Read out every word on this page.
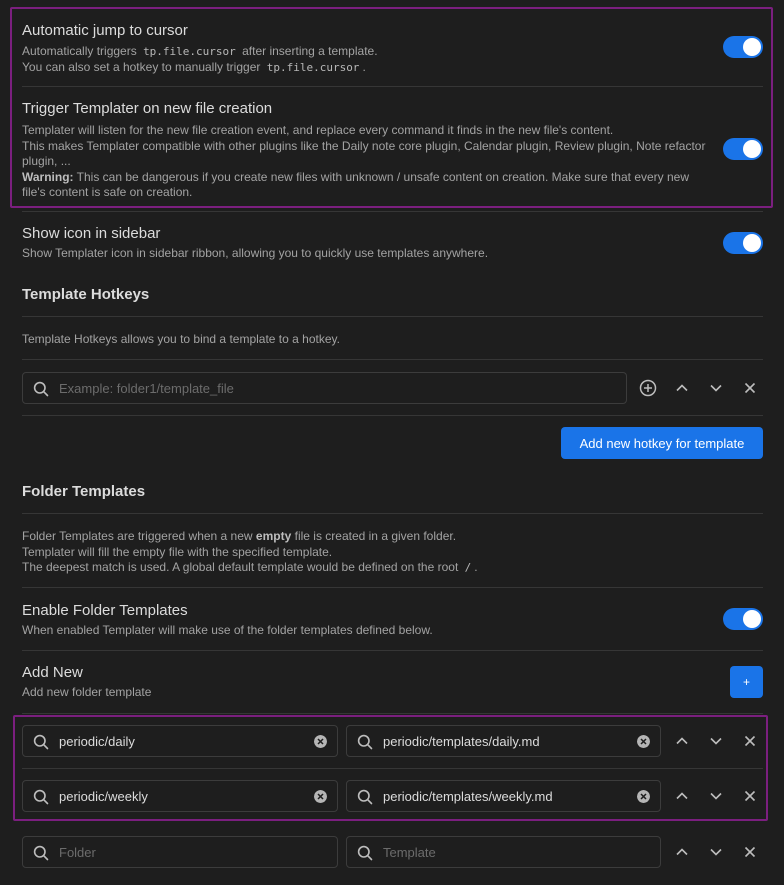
Automatic jump to cursor
Automatically triggers tp.file.cursor after inserting a template.
You can also set a hotkey to manually trigger tp.file.cursor .
Trigger Templater on new file creation
Templater will listen for the new file creation event, and replace every command it finds in the new file's content.
This makes Templater compatible with other plugins like the Daily note core plugin, Calendar plugin, Review plugin, Note refactor plugin, ...
Warning: This can be dangerous if you create new files with unknown / unsafe content on creation. Make sure that every new file's content is safe on creation.
Show icon in sidebar
Show Templater icon in sidebar ribbon, allowing you to quickly use templates anywhere.
Template Hotkeys
Template Hotkeys allows you to bind a template to a hotkey.
Example: folder1/template_file
Add new hotkey for template
Folder Templates
Folder Templates are triggered when a new empty file is created in a given folder.
Templater will fill the empty file with the specified template.
The deepest match is used. A global default template would be defined on the root / .
Enable Folder Templates
When enabled Templater will make use of the folder templates defined below.
Add New
Add new folder template
+
periodic/daily	periodic/templates/daily.md
periodic/weekly	periodic/templates/weekly.md
Folder	Template
